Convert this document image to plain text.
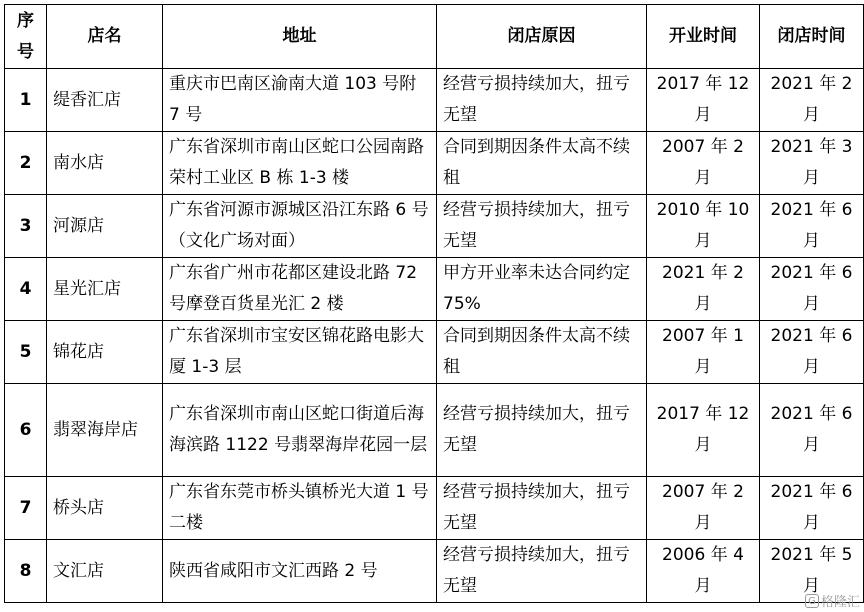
序号	店名	地址	闭店原因	开业时间	闭店时间
1	缇香汇店	重庆市巴南区渝南大道 103 号附 7 号	经营亏损持续加大，扭亏无望	2017 年 12 月	2021 年 2 月
2	南水店	广东省深圳市南山区蛇口公园南路荣村工业区 B 栋 1-3 楼	合同到期因条件太高不续租	2007 年 2 月	2021 年 3 月
3	河源店	广东省河源市源城区沿江东路 6 号（文化广场对面）	经营亏损持续加大，扭亏无望	2010 年 10 月	2021 年 6 月
4	星光汇店	广东省广州市花都区建设北路 72 号摩登百货星光汇 2 楼	甲方开业率未达合同约定 75%	2021 年 2 月	2021 年 6 月
5	锦花店	广东省深圳市宝安区锦花路电影大厦 1-3 层	合同到期因条件太高不续租	2007 年 1 月	2021 年 6 月
6	翡翠海岸店	广东省深圳市南山区蛇口街道后海海滨路 1122 号翡翠海岸花园一层	经营亏损持续加大，扭亏无望	2017 年 12 月	2021 年 6 月
7	桥头店	广东省东莞市桥头镇桥光大道 1 号二楼	经营亏损持续加大，扭亏无望	2007 年 2 月	2021 年 6 月
8	文汇店	陕西省咸阳市文汇西路 2 号	经营亏损持续加大，扭亏无望	2006 年 4 月	2021 年 5 月
G 格隆汇
